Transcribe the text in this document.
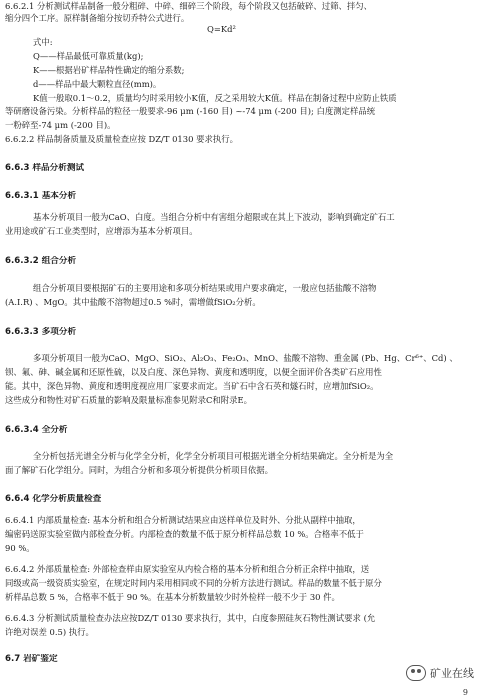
Q=Kd²
矿业在线
9
6.6.2.1 分析测试样品制备一般分粗碎、中碎、细碎三个阶段，每个阶段又包括破碎、过筛、拌匀、
缩分四个工序。原样制备缩分按切乔特公式进行。
式中:
Q——样品最低可靠质量(kg);
K——根据岩矿样品特性确定的缩分系数;
d——样品中最大颗粒直径(mm)。
K值一般取0.1～0.2，质量均匀时采用较小K值，反之采用较大K值。样品在制备过程中应防止铁质
等研磨设备污染。分析样品的粒径一般要求-96 μm (-160 目) ~-74 μm (-200 目); 白度测定样品统
一粉碎至-74 μm (-200 目)。
6.6.2.2 样品制备质量及质量检查应按 DZ/T 0130 要求执行。
6.6.3 样品分析测试
6.6.3.1 基本分析
基本分析项目一般为CaO、白度。当组合分析中有害组分超限或在其上下波动，影响到确定矿石工
业用途或矿石工业类型时，应增添为基本分析项目。
6.6.3.2 组合分析
组合分析项目要根据矿石的主要用途和多项分析结果或用户要求确定，一般应包括盐酸不溶物
(A.I.R) 、MgO。其中盐酸不溶物超过0.5 %时，需增做fSiO₂分析。
6.6.3.3 多项分析
多项分析项目一般为CaO、MgO、SiO₂、Al₂O₃、Fe₂O₃、MnO、盐酸不溶物、重金属 (Pb、Hg、Cr⁶⁺、Cd) 、
钡、氟、砷、碱金属和还原性硫，以及白度、深色异物、黄度和透明度，以便全面评价各类矿石应用性
能。其中，深色异物、黄度和透明度视应用厂家要求而定。当矿石中含石英和燧石时，应增加fSiO₂。
这些成分和物性对矿石质量的影响及限量标准参见附录C和附录E。
6.6.3.4 全分析
全分析包括光谱全分析与化学全分析，化学全分析项目可根据光谱全分析结果确定。全分析是为全
面了解矿石化学组分。同时，为组合分析和多项分析提供分析项目依据。
6.6.4 化学分析质量检查
6.6.4.1 内部质量检查: 基本分析和组合分析测试结果应由送样单位及时外、分批从副样中抽取，
编密码送原实验室做内部检查分析。内部检查的数量不低于原分析样品总数 10 %。合格率不低于
90 %。
6.6.4.2 外部质量检查: 外部检查样由原实验室从内检合格的基本分析和组合分析正余样中抽取，送
同级或高一级资质实验室，在规定时间内采用相同或不同的分析方法进行测试。样品的数量不低于原分
析样品总数 5 %，合格率不低于 90 %。在基本分析数量较少时外检样一般不少于 30 件。
6.6.4.3 分析测试质量检查办法应按DZ/T 0130 要求执行，其中，白度参照硅灰石物性测试要求 (允
许绝对误差 0.5) 执行。
6.7 岩矿鉴定
